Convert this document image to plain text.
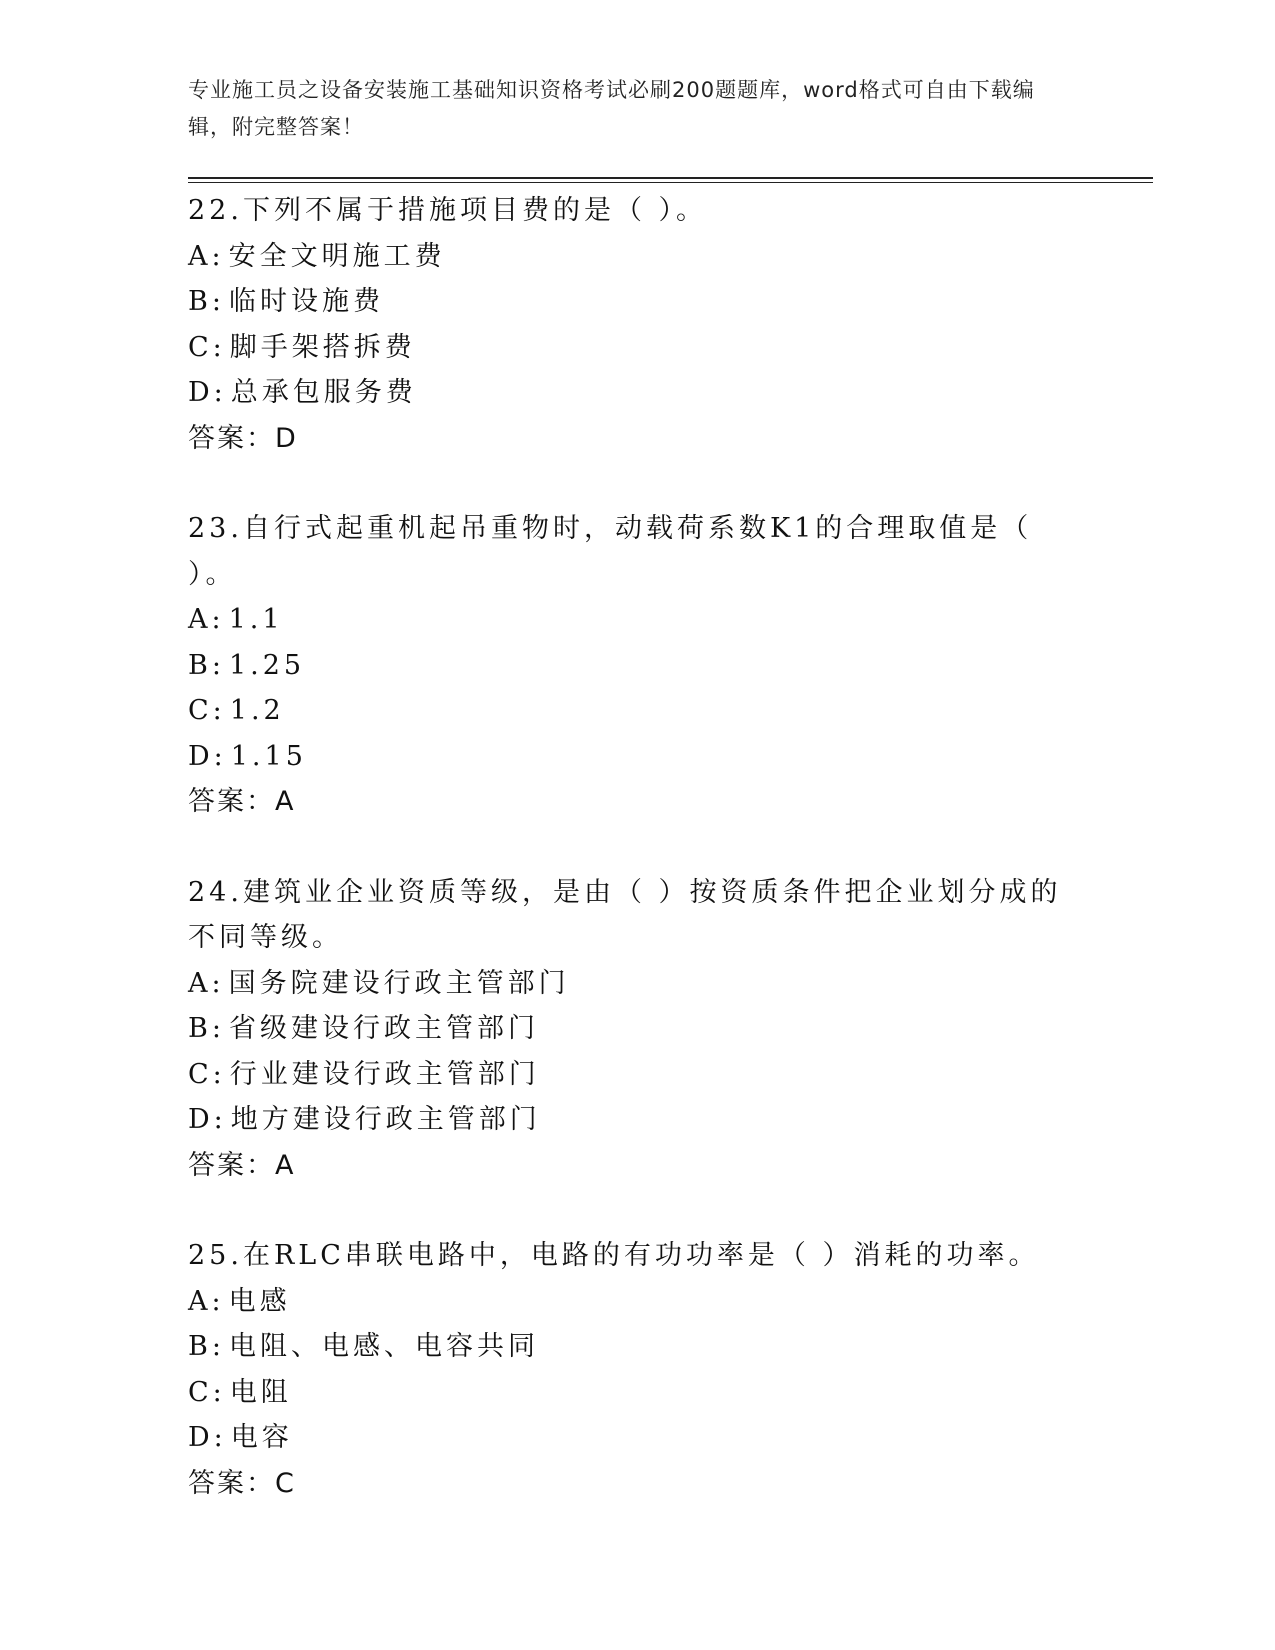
专业施工员之设备安装施工基础知识资格考试必刷200题题库，word格式可自由下载编辑，附完整答案！
22.下列不属于措施项目费的是（ ）。
A: 安全文明施工费
B: 临时设施费
C: 脚手架搭拆费
D: 总承包服务费
答案：D
23.自行式起重机起吊重物时，动载荷系数K1的合理取值是（ ）。
A: 1.1
B: 1.25
C: 1.2
D: 1.15
答案：A
24.建筑业企业资质等级，是由（ ）按资质条件把企业划分成的不同等级。
A: 国务院建设行政主管部门
B: 省级建设行政主管部门
C: 行业建设行政主管部门
D: 地方建设行政主管部门
答案：A
25.在RLC串联电路中，电路的有功功率是（ ）消耗的功率。
A: 电感
B: 电阻、电感、电容共同
C: 电阻
D: 电容
答案：C
